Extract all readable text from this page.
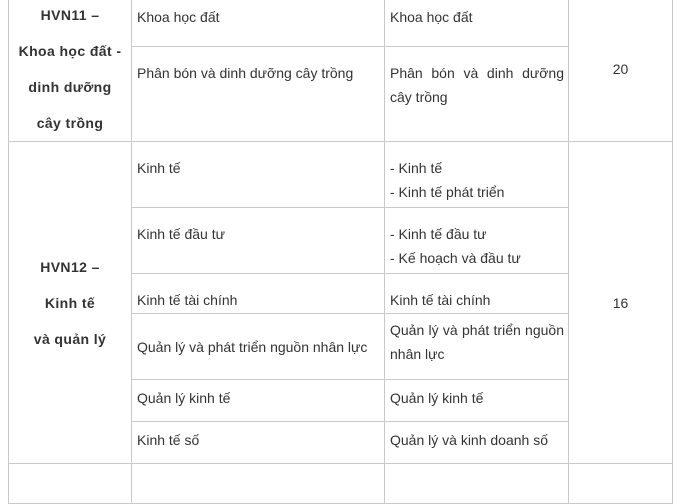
HVN11 –
Khoa học đất -
dinh dưỡng
cây trồng	Khoa học đất	Khoa học đất	20
	Phân bón và dinh dưỡng cây trồng	Phân bón và dinh dưỡng cây trồng	

HVN12 –
Kinh tế
và quản lý	Kinh tế	- Kinh tế
- Kinh tế phát triển	16
	Kinh tế đầu tư	- Kinh tế đầu tư
- Kế hoạch và đầu tư	

	Kinh tế tài chính	Kinh tế tài chính	

	Quản lý và phát triển nguồn nhân lực	Quản lý và phát triển nguồn nhân lực	

	Quản lý kinh tế	Quản lý kinh tế	

	Kinh tế số	Quản lý và kinh doanh số	
